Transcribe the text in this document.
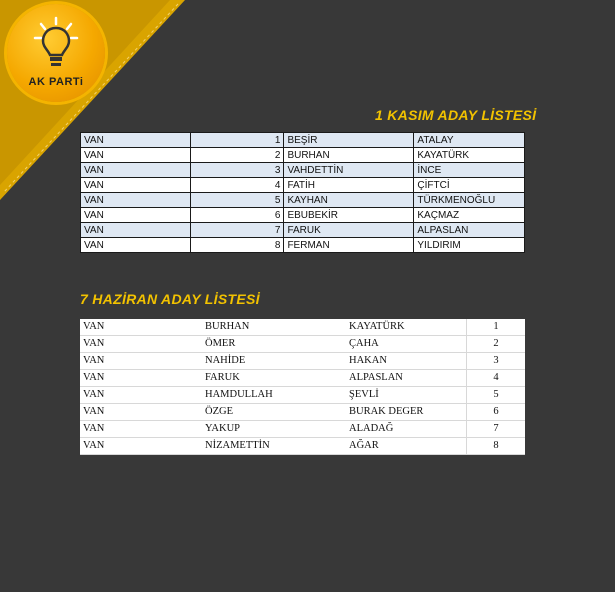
AK PARTi
1 KASIM ADAY LİSTESİ
VAN	1	BEŞİR	ATALAY
VAN	2	BURHAN	KAYATÜRK
VAN	3	VAHDETTİN	İNCE
VAN	4	FATİH	ÇİFTCİ
VAN	5	KAYHAN	TÜRKMENOĞLU
VAN	6	EBUBEKİR	KAÇMAZ
VAN	7	FARUK	ALPASLAN
VAN	8	FERMAN	YILDIRIM
7 HAZİRAN ADAY LİSTESİ
VAN	BURHAN	KAYATÜRK	1
VAN	ÖMER	ÇAHA	2
VAN	NAHİDE	HAKAN	3
VAN	FARUK	ALPASLAN	4
VAN	HAMDULLAH	ŞEVLİ	5
VAN	ÖZGE	BURAK DEGER	6
VAN	YAKUP	ALADAĞ	7
VAN	NİZAMETTİN	AĞAR	8
